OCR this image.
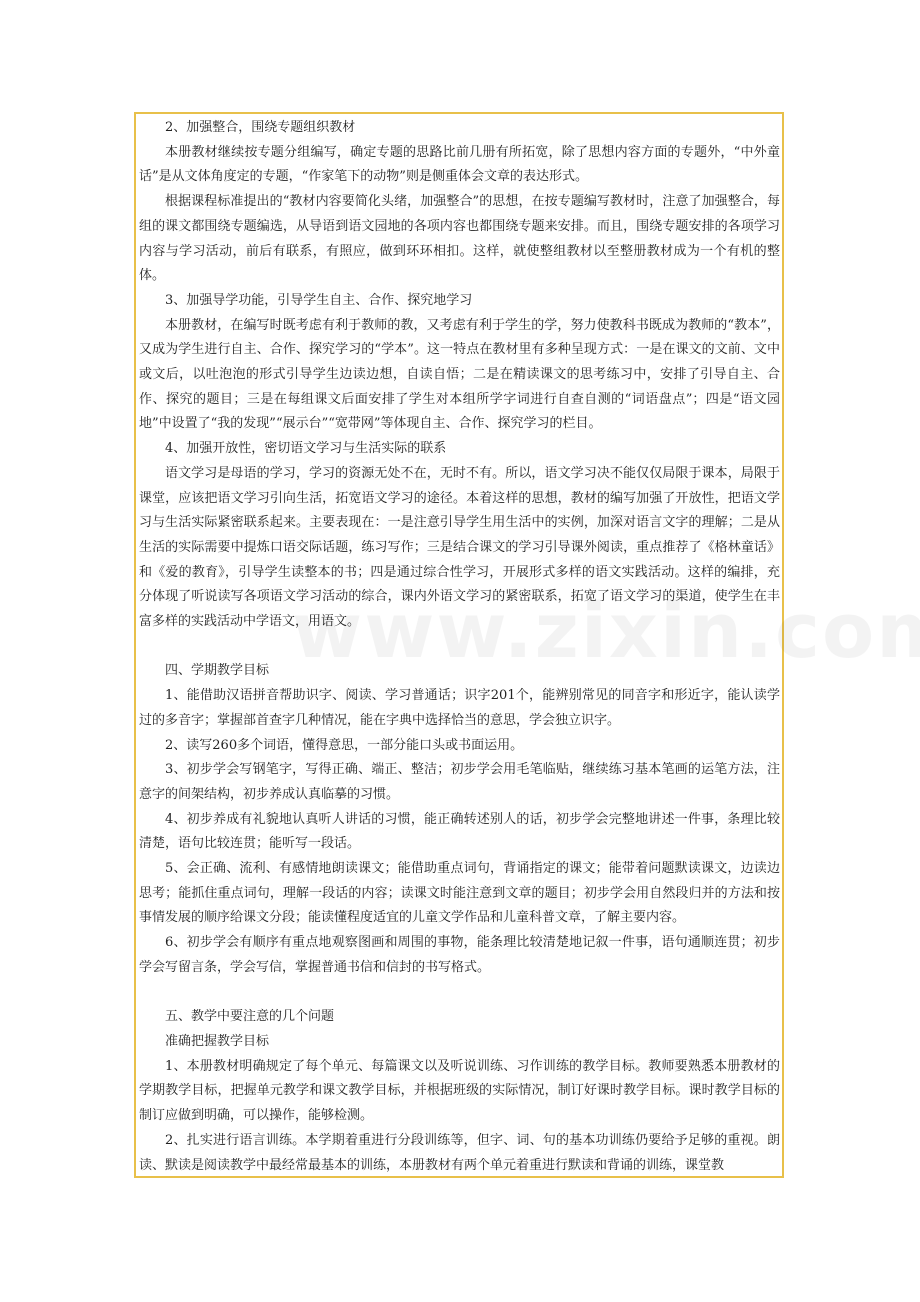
2、加强整合，围绕专题组织教材

本册教材继续按专题分组编写，确定专题的思路比前几册有所拓宽，除了思想内容方面的专题外，“中外童话”是从文体角度定的专题，“作家笔下的动物”则是侧重体会文章的表达形式。

根据课程标准提出的“教材内容要简化头绪，加强整合”的思想，在按专题编写教材时，注意了加强整合，每组的课文都围绕专题编选，从导语到语文园地的各项内容也都围绕专题来安排。而且，围绕专题安排的各项学习内容与学习活动，前后有联系，有照应，做到环环相扣。这样，就使整组教材以至整册教材成为一个有机的整体。

3、加强导学功能，引导学生自主、合作、探究地学习

本册教材，在编写时既考虑有利于教师的教，又考虑有利于学生的学，努力使教科书既成为教师的“教本”，又成为学生进行自主、合作、探究学习的“学本”。这一特点在教材里有多种呈现方式：一是在课文的文前、文中或文后，以吐泡泡的形式引导学生边读边想，自读自悟；二是在精读课文的思考练习中，安排了引导自主、合作、探究的题目；三是在每组课文后面安排了学生对本组所学字词进行自查自测的“词语盘点”；四是“语文园地”中设置了“我的发现”“展示台”“宽带网”等体现自主、合作、探究学习的栏目。

4、加强开放性，密切语文学习与生活实际的联系

语文学习是母语的学习，学习的资源无处不在，无时不有。所以，语文学习决不能仅仅局限于课本，局限于课堂，应该把语文学习引向生活，拓宽语文学习的途径。本着这样的思想，教材的编写加强了开放性，把语文学习与生活实际紧密联系起来。主要表现在：一是注意引导学生用生活中的实例，加深对语言文字的理解；二是从生活的实际需要中提炼口语交际话题，练习写作；三是结合课文的学习引导课外阅读，重点推荐了《格林童话》和《爱的教育》，引导学生读整本的书；四是通过综合性学习，开展形式多样的语文实践活动。这样的编排，充分体现了听说读写各项语文学习活动的综合，课内外语文学习的紧密联系，拓宽了语文学习的渠道，使学生在丰富多样的实践活动中学语文，用语文。

四、学期教学目标

1、能借助汉语拼音帮助识字、阅读、学习普通话；识字201个，能辨别常见的同音字和形近字，能认读学过的多音字；掌握部首查字几种情况，能在字典中选择恰当的意思，学会独立识字。

2、读写260多个词语，懂得意思，一部分能口头或书面运用。

3、初步学会写钢笔字，写得正确、端正、整洁；初步学会用毛笔临贴，继续练习基本笔画的运笔方法，注意字的间架结构，初步养成认真临摹的习惯。

4、初步养成有礼貌地认真听人讲话的习惯，能正确转述别人的话，初步学会完整地讲述一件事，条理比较清楚，语句比较连贯；能听写一段话。

5、会正确、流利、有感情地朗读课文；能借助重点词句，背诵指定的课文；能带着问题默读课文，边读边思考；能抓住重点词句，理解一段话的内容；读课文时能注意到文章的题目；初步学会用自然段归并的方法和按事情发展的顺序给课文分段；能读懂程度适宜的儿童文学作品和儿童科普文章，了解主要内容。

6、初步学会有顺序有重点地观察图画和周围的事物，能条理比较清楚地记叙一件事，语句通顺连贯；初步学会写留言条，学会写信，掌握普通书信和信封的书写格式。

五、教学中要注意的几个问题

准确把握教学目标

1、本册教材明确规定了每个单元、每篇课文以及听说训练、习作训练的教学目标。教师要熟悉本册教材的学期教学目标，把握单元教学和课文教学目标，并根据班级的实际情况，制订好课时教学目标。课时教学目标的制订应做到明确，可以操作，能够检测。

2、扎实进行语言训练。本学期着重进行分段训练等，但字、词、句的基本功训练仍要给予足够的重视。朗读、默读是阅读教学中最经常最基本的训练，本册教材有两个单元着重进行默读和背诵的训练，课堂教
